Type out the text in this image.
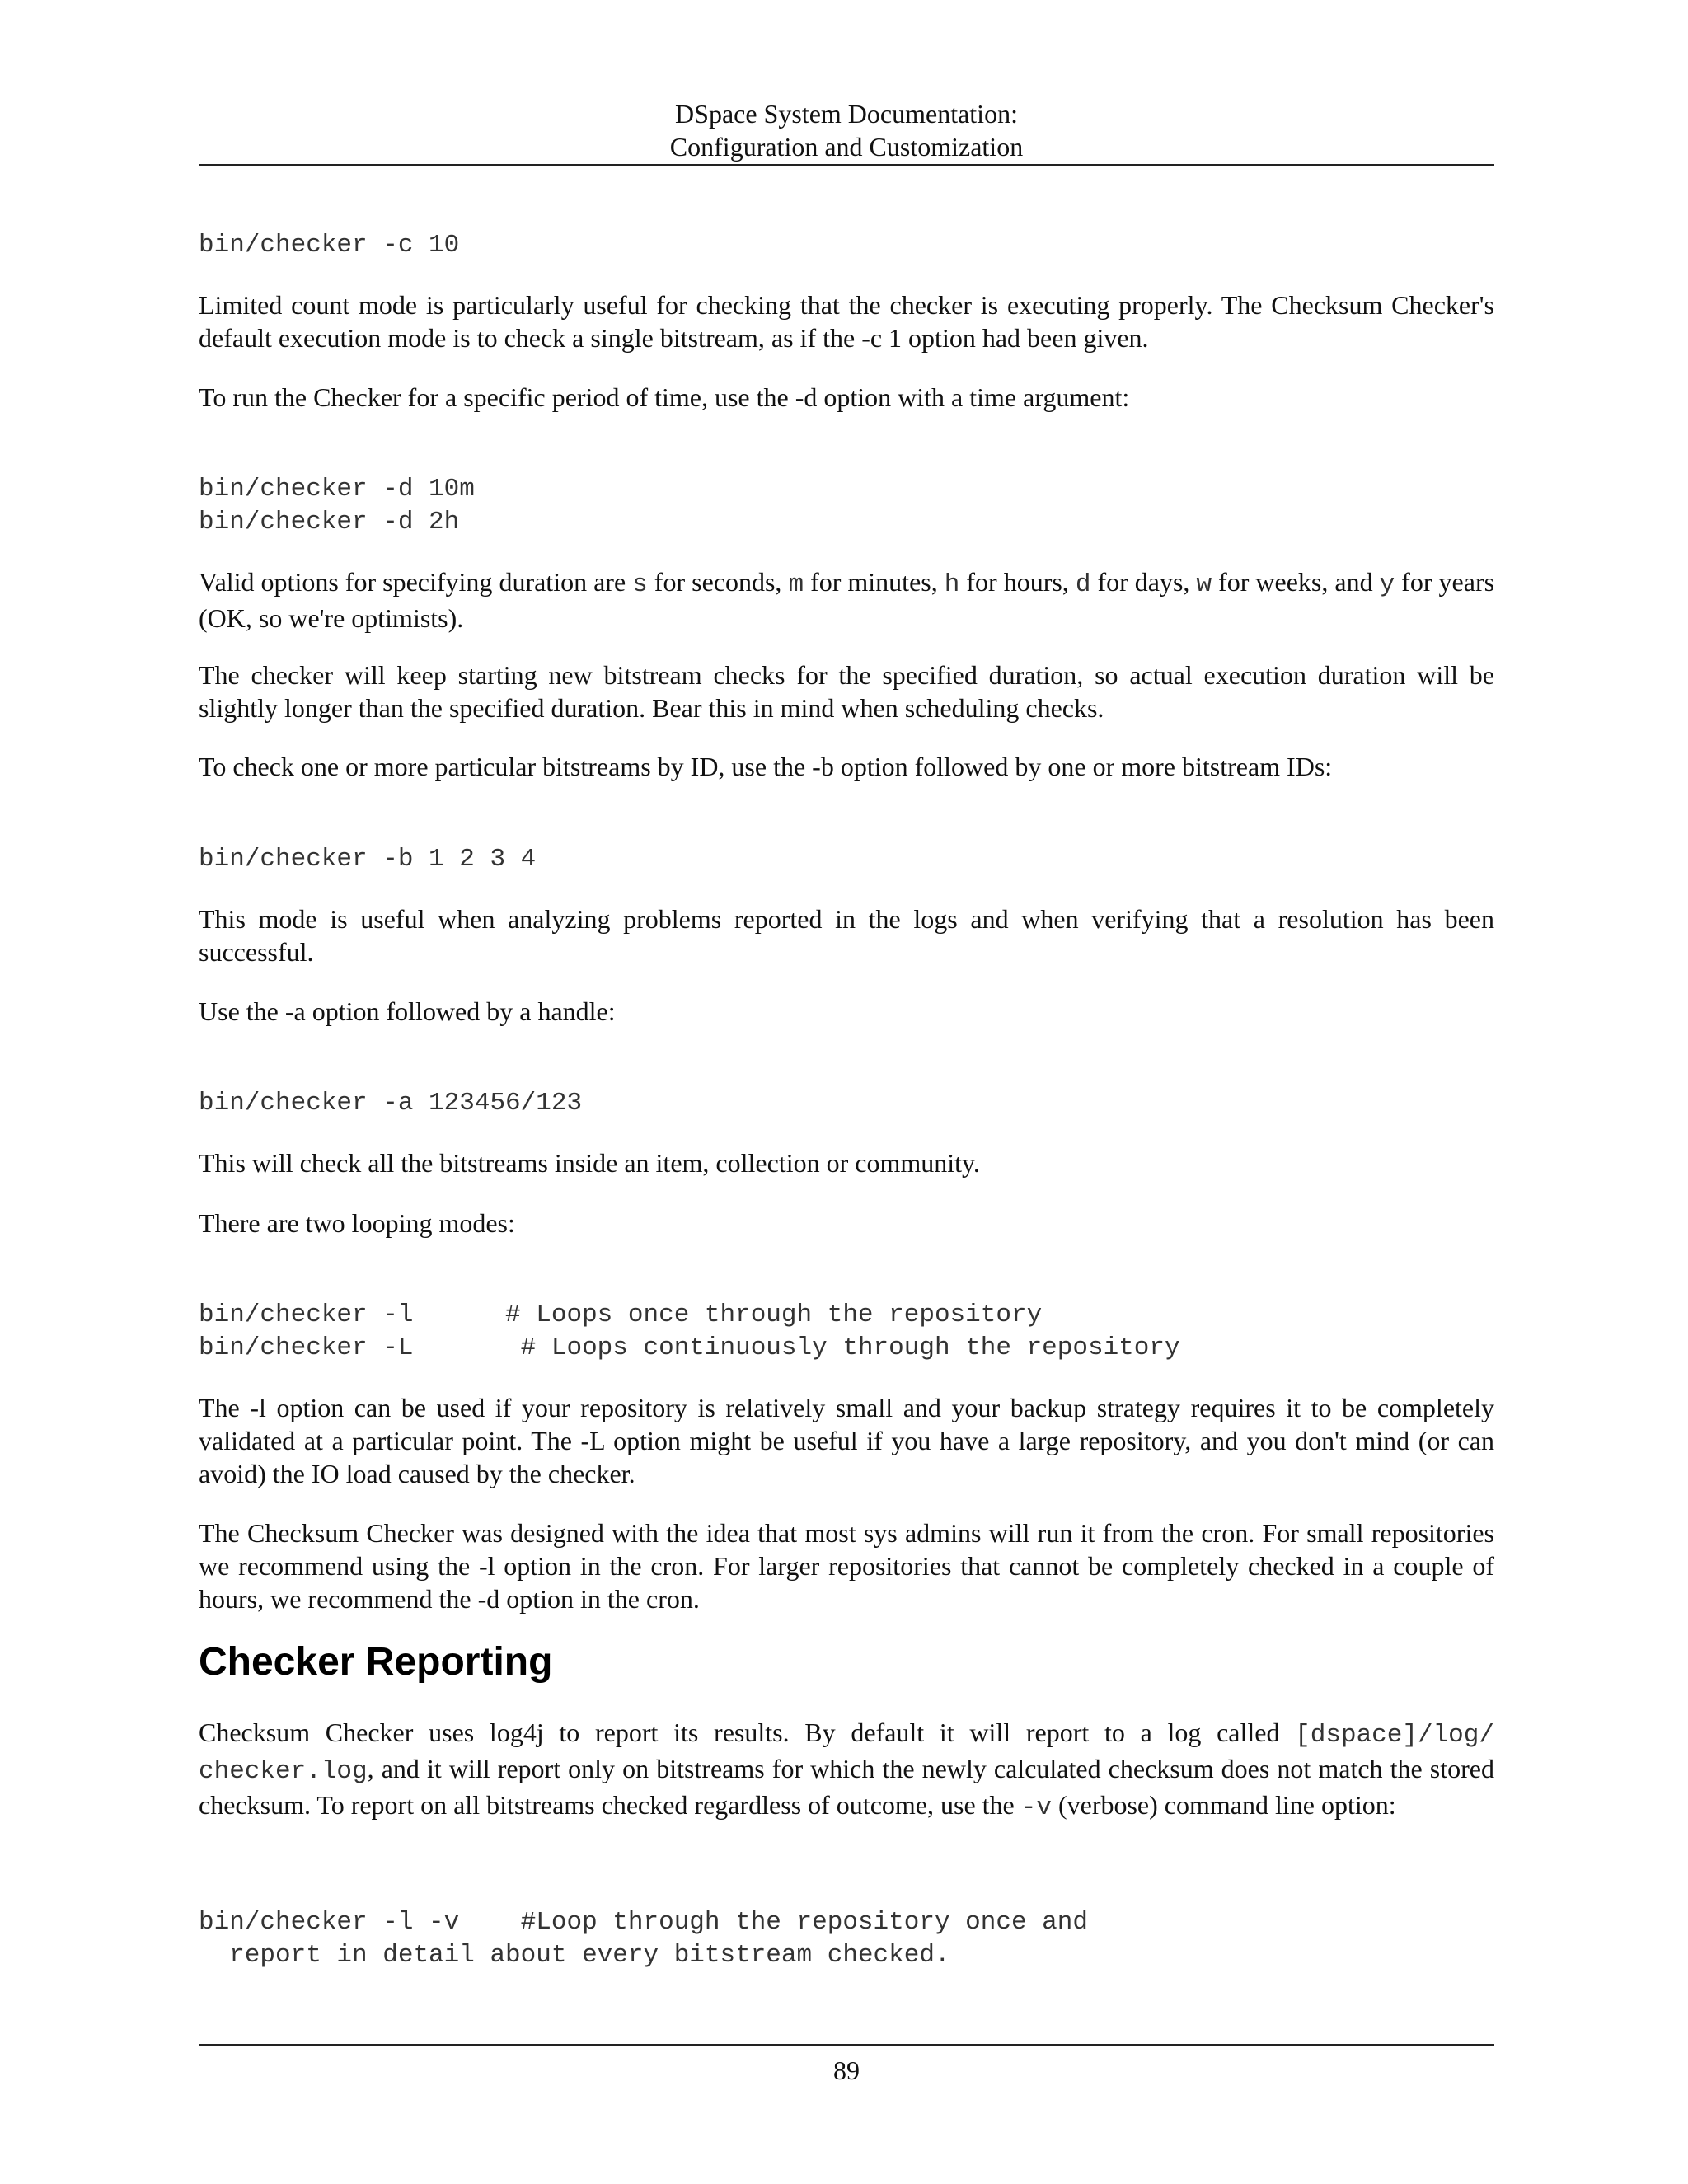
DSpace System Documentation:
Configuration and Customization
bin/checker -c 10

Limited count mode is particularly useful for checking that the checker is executing properly. The Checksum Checker's default execution mode is to check a single bitstream, as if the -c 1 option had been given.

To run the Checker for a specific period of time, use the -d option with a time argument:

bin/checker -d 10m
bin/checker -d 2h

Valid options for specifying duration are s for seconds, m for minutes, h for hours, d for days, w for weeks, and y for years (OK, so we're optimists).

The checker will keep starting new bitstream checks for the specified duration, so actual execution duration will be slightly longer than the specified duration. Bear this in mind when scheduling checks.

To check one or more particular bitstreams by ID, use the -b option followed by one or more bitstream IDs:

bin/checker -b 1 2 3 4

This mode is useful when analyzing problems reported in the logs and when verifying that a resolution has been successful.

Use the -a option followed by a handle:

bin/checker -a 123456/123

This will check all the bitstreams inside an item, collection or community.

There are two looping modes:

bin/checker -l      # Loops once through the repository
bin/checker -L       # Loops continuously through the repository

The -l option can be used if your repository is relatively small and your backup strategy requires it to be completely validated at a particular point. The -L option might be useful if you have a large repository, and you don't mind (or can avoid) the IO load caused by the checker.

The Checksum Checker was designed with the idea that most sys admins will run it from the cron. For small repositories we recommend using the -l option in the cron. For larger repositories that cannot be completely checked in a couple of hours, we recommend the -d option in the cron.

Checker Reporting

Checksum Checker uses log4j to report its results. By default it will report to a log called [dspace]/log/ checker.log, and it will report only on bitstreams for which the newly calculated checksum does not match the stored checksum. To report on all bitstreams checked regardless of outcome, use the -v (verbose) command line option:

bin/checker -l -v    #Loop through the repository once and
report in detail about every bitstream checked.
89
